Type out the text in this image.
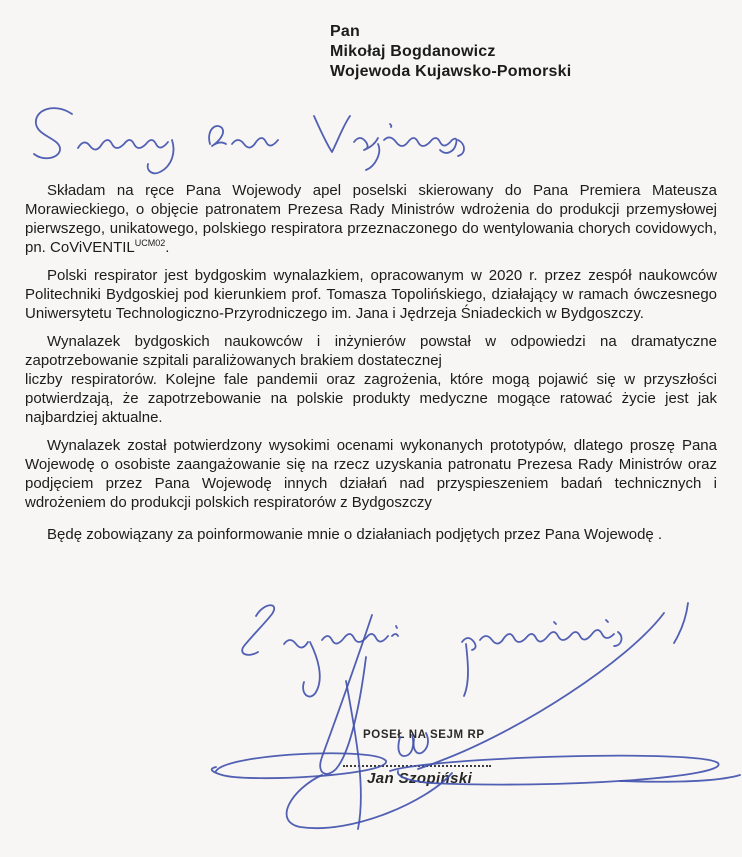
Pan
Mikołaj Bogdanowicz
Wojewoda Kujawsko-Pomorski

Składam na ręce Pana Wojewody apel poselski skierowany do Pana Premiera Mateusza Morawieckiego, o objęcie patronatem Prezesa Rady Ministrów wdrożenia do produkcji przemysłowej pierwszego, unikatowego, polskiego respiratora przeznaczonego do wentylowania chorych covidowych, pn. CoViVENTIL$^{UCM02}$.

Polski respirator jest bydgoskim wynalazkiem, opracowanym w 2020 r. przez zespół naukowców Politechniki Bydgoskiej pod kierunkiem prof. Tomasza Topolińskiego, działający w ramach ówczesnego Uniwersytetu Technologiczno-Przyrodniczego im. Jana i Jędrzeja Śniadeckich w Bydgoszczy.

Wynalazek bydgoskich naukowców i inżynierów powstał w odpowiedzi na dramatyczne zapotrzebowanie szpitali paraliżowanych brakiem dostatecznej

liczby respiratorów. Kolejne fale pandemii oraz zagrożenia, które mogą pojawić się w przyszłości potwierdzają, że zapotrzebowanie na polskie produkty medyczne mogące ratować życie jest jak najbardziej aktualne.

Wynalazek został potwierdzony wysokimi ocenami wykonanych prototypów, dlatego proszę Pana Wojewodę o osobiste zaangażowanie się na rzecz uzyskania patronatu Prezesa Rady Ministrów oraz podjęciem przez Pana Wojewodę innych działań nad przyspieszeniem badań technicznych i wdrożeniem do produkcji polskich respiratorów z Bydgoszczy

Będę zobowiązany za poinformowanie mnie o działaniach podjętych przez Pana Wojewodę .

POSEŁ NA SEJM RP
Jan Szopiński
